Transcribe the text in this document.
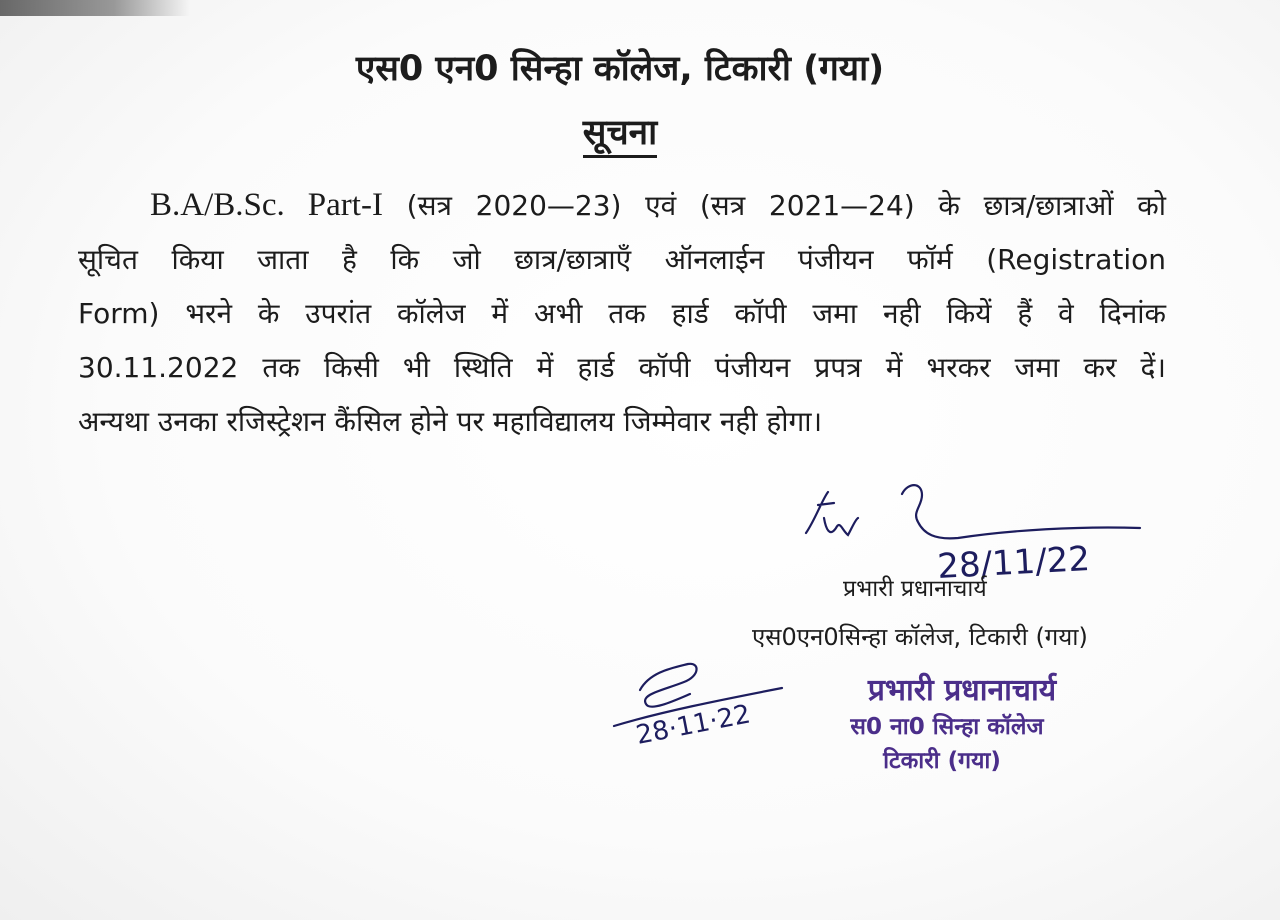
एस0 एन0 सिन्हा कॉलेज, टिकारी (गया)
सूचना
B.A/B.Sc. Part-I (सत्र 2020—23) एवं (सत्र 2021—24) के छात्र/छात्राओं को
सूचित किया जाता है कि जो छात्र/छात्राएँ ऑनलाईन पंजीयन फॉर्म (Registration
Form) भरने के उपरांत कॉलेज में अभी तक हार्ड कॉपी जमा नही कियें हैं वे दिनांक
30.11.2022 तक किसी भी स्थिति में हार्ड कॉपी पंजीयन प्रपत्र में भरकर जमा कर दें।
अन्यथा उनका रजिस्ट्रेशन कैंसिल होने पर महाविद्यालय जिम्मेवार नही होगा।
28/11/22
28·11·22
प्रभारी प्रधानाचार्य
एस0एन0सिन्हा कॉलेज, टिकारी (गया)
प्रभारी प्रधानाचार्य
स0 ना0 सिन्हा कॉलेज
टिकारी (गया)
